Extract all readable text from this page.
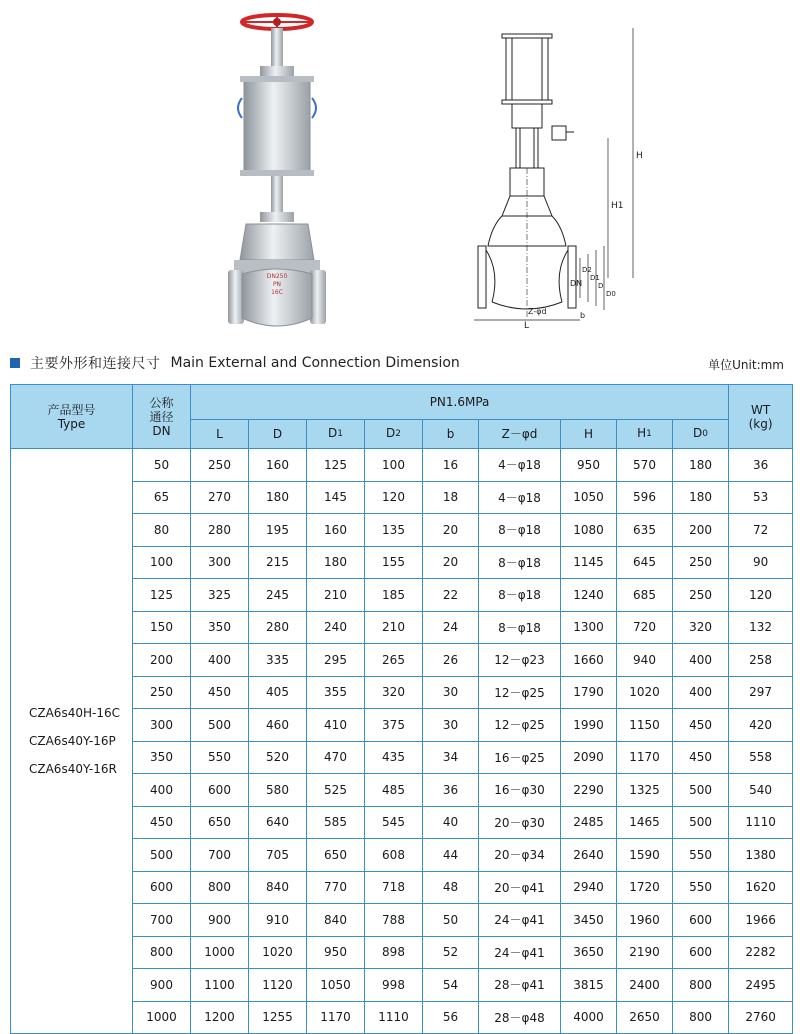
DN250
PN
16C
H
H1
L
DN
D2
D1
D
D0
Z-φd	b
主要外形和连接尺寸 Main External and Connection Dimension	单位Unit:mm
产品型号
Type	公称
通径
DN	PN1.6MPa									WT
(kg)
		L	D	D1	D2	b	Z－φd	H	H1	D0	

CZA6s40H-16C
CZA6s40Y-16P
CZA6s40Y-16R	50	250	160	125	100	16	4－φ18	950	570	180	36
	65	270	180	145	120	18	4－φ18	1050	596	180	53
	80	280	195	160	135	20	8－φ18	1080	635	200	72
	100	300	215	180	155	20	8－φ18	1145	645	250	90
	125	325	245	210	185	22	8－φ18	1240	685	250	120
	150	350	280	240	210	24	8－φ18	1300	720	320	132
	200	400	335	295	265	26	12－φ23	1660	940	400	258
	250	450	405	355	320	30	12－φ25	1790	1020	400	297
	300	500	460	410	375	30	12－φ25	1990	1150	450	420
	350	550	520	470	435	34	16－φ25	2090	1170	450	558
	400	600	580	525	485	36	16－φ30	2290	1325	500	540
	450	650	640	585	545	40	20－φ30	2485	1465	500	1110
	500	700	705	650	608	44	20－φ34	2640	1590	550	1380
	600	800	840	770	718	48	20－φ41	2940	1720	550	1620
	700	900	910	840	788	50	24－φ41	3450	1960	600	1966
	800	1000	1020	950	898	52	24－φ41	3650	2190	600	2282
	900	1100	1120	1050	998	54	28－φ41	3815	2400	800	2495
	1000	1200	1255	1170	1110	56	28－φ48	4000	2650	800	2760
